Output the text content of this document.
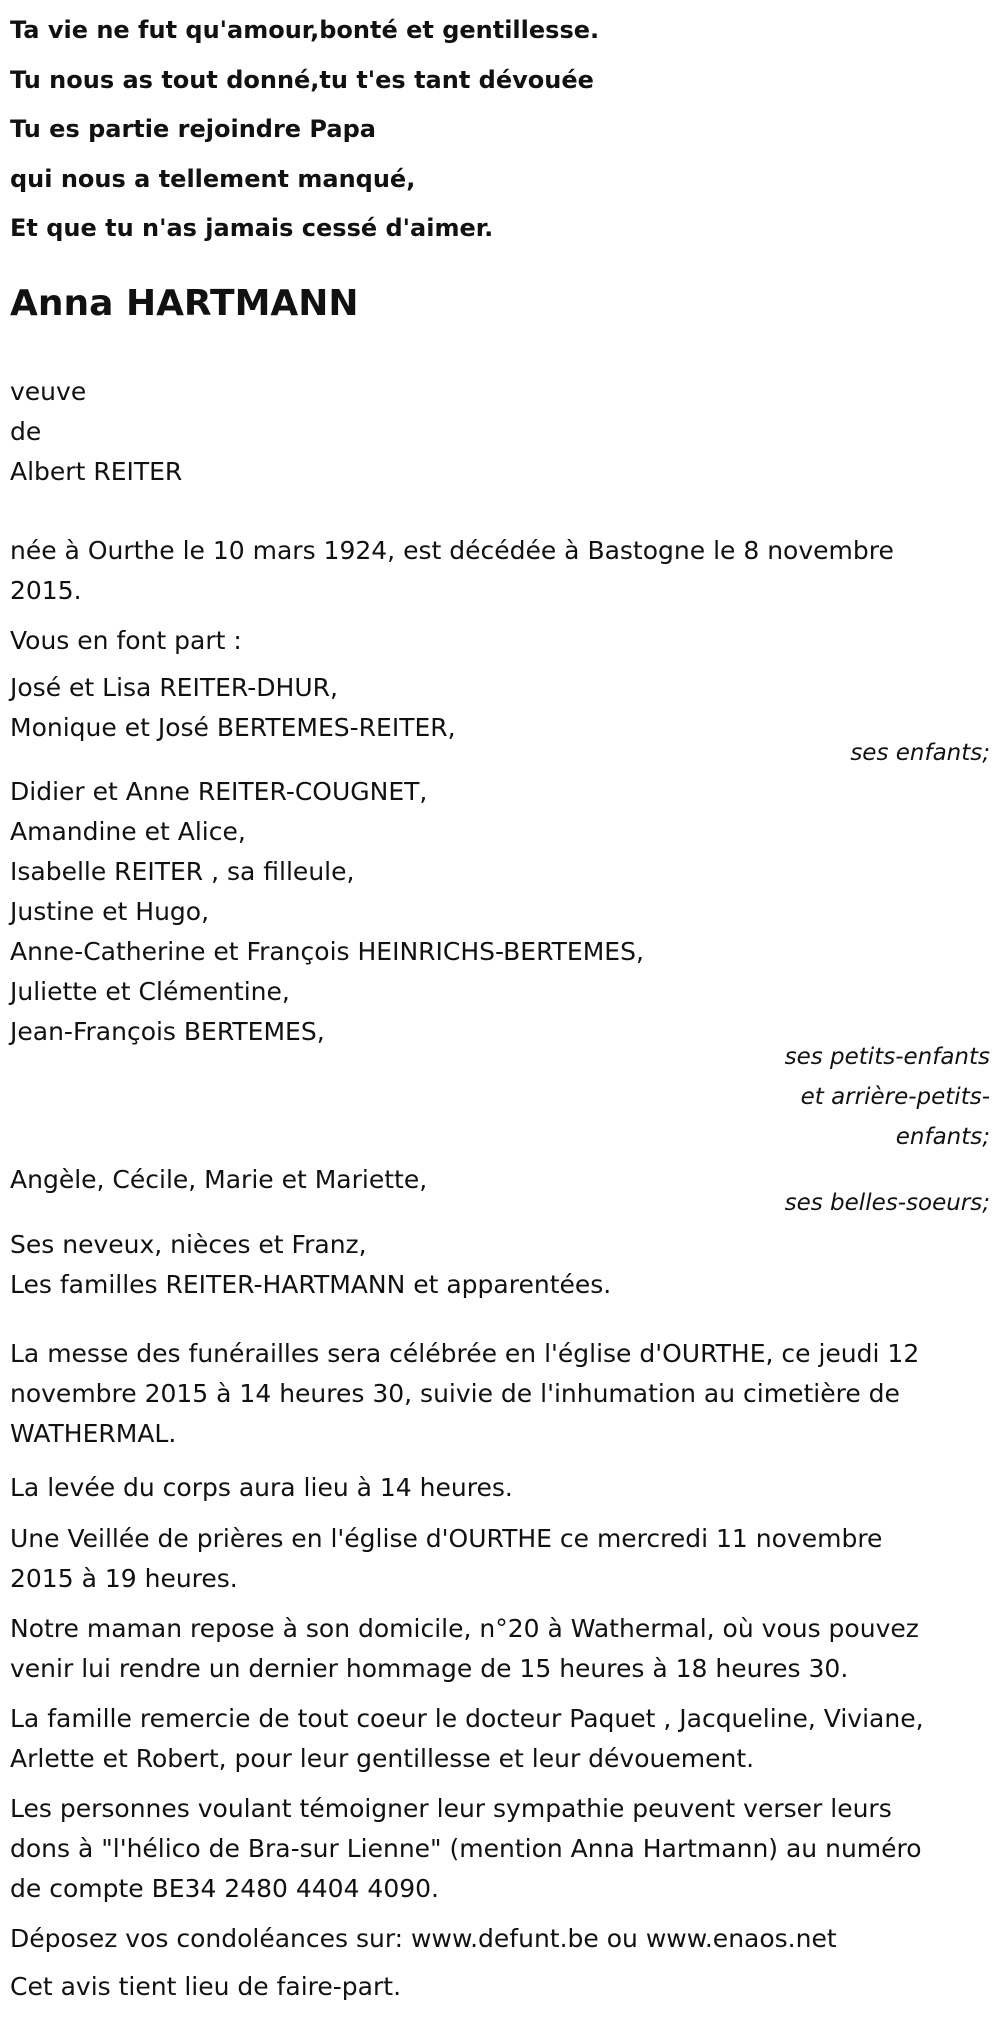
Ta vie ne fut qu'amour,bonté et gentillesse.

Tu nous as tout donné,tu t'es tant dévouée

Tu es partie rejoindre Papa

qui nous a tellement manqué,

Et que tu n'as jamais cessé d'aimer.

Anna HARTMANN

veuve

de

Albert REITER

née à Ourthe le 10 mars 1924, est décédée à Bastogne le 8 novembre

2015.

Vous en font part :

José et Lisa REITER-DHUR,

Monique et José BERTEMES-REITER,

ses enfants;

Didier et Anne REITER-COUGNET,

Amandine et Alice,

Isabelle REITER , sa filleule,

Justine et Hugo,

Anne-Catherine et François HEINRICHS-BERTEMES,

Juliette et Clémentine,

Jean-François BERTEMES,

ses petits-enfants
et arrière-petits-
enfants;

Angèle, Cécile, Marie et Mariette,

ses belles-soeurs;

Ses neveux, nièces et Franz,

Les familles REITER-HARTMANN et apparentées.

La messe des funérailles sera célébrée en l'église d'OURTHE, ce jeudi 12

novembre 2015 à 14 heures 30, suivie de l'inhumation au cimetière de

WATHERMAL.

La levée du corps aura lieu à 14 heures.

Une Veillée de prières en l'église d'OURTHE ce mercredi 11 novembre

2015 à 19 heures.

Notre maman repose à son domicile, n°20 à Wathermal, où vous pouvez

venir lui rendre un dernier hommage de 15 heures à 18 heures 30.

La famille remercie de tout coeur le docteur Paquet , Jacqueline, Viviane,

Arlette et Robert, pour leur gentillesse et leur dévouement.

Les personnes voulant témoigner leur sympathie peuvent verser leurs

dons à "l'hélico de Bra-sur Lienne" (mention Anna Hartmann) au numéro

de compte BE34 2480 4404 4090.

Déposez vos condoléances sur: www.defunt.be ou www.enaos.net

Cet avis tient lieu de faire-part.
